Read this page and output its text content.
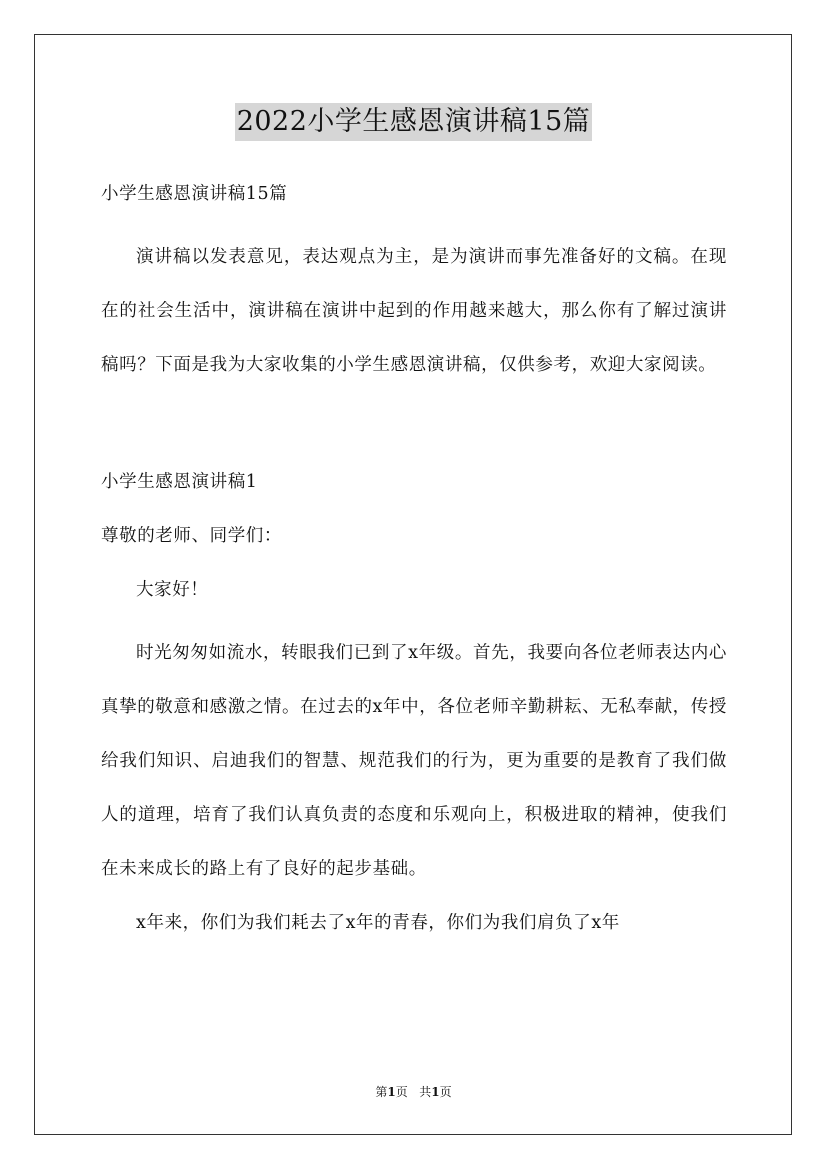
2022小学生感恩演讲稿15篇

小学生感恩演讲稿15篇

演讲稿以发表意见，表达观点为主，是为演讲而事先准备好的文稿。在现在的社会生活中，演讲稿在演讲中起到的作用越来越大，那么你有了解过演讲稿吗？下面是我为大家收集的小学生感恩演讲稿，仅供参考，欢迎大家阅读。

小学生感恩演讲稿1

尊敬的老师、同学们：

大家好！

时光匆匆如流水，转眼我们已到了x年级。首先，我要向各位老师表达内心真挚的敬意和感激之情。在过去的x年中，各位老师辛勤耕耘、无私奉献，传授给我们知识、启迪我们的智慧、规范我们的行为，更为重要的是教育了我们做人的道理，培育了我们认真负责的态度和乐观向上，积极进取的精神，使我们在未来成长的路上有了良好的起步基础。

x年来，你们为我们耗去了x年的青春，你们为我们肩负了x年

第1页 共1页
